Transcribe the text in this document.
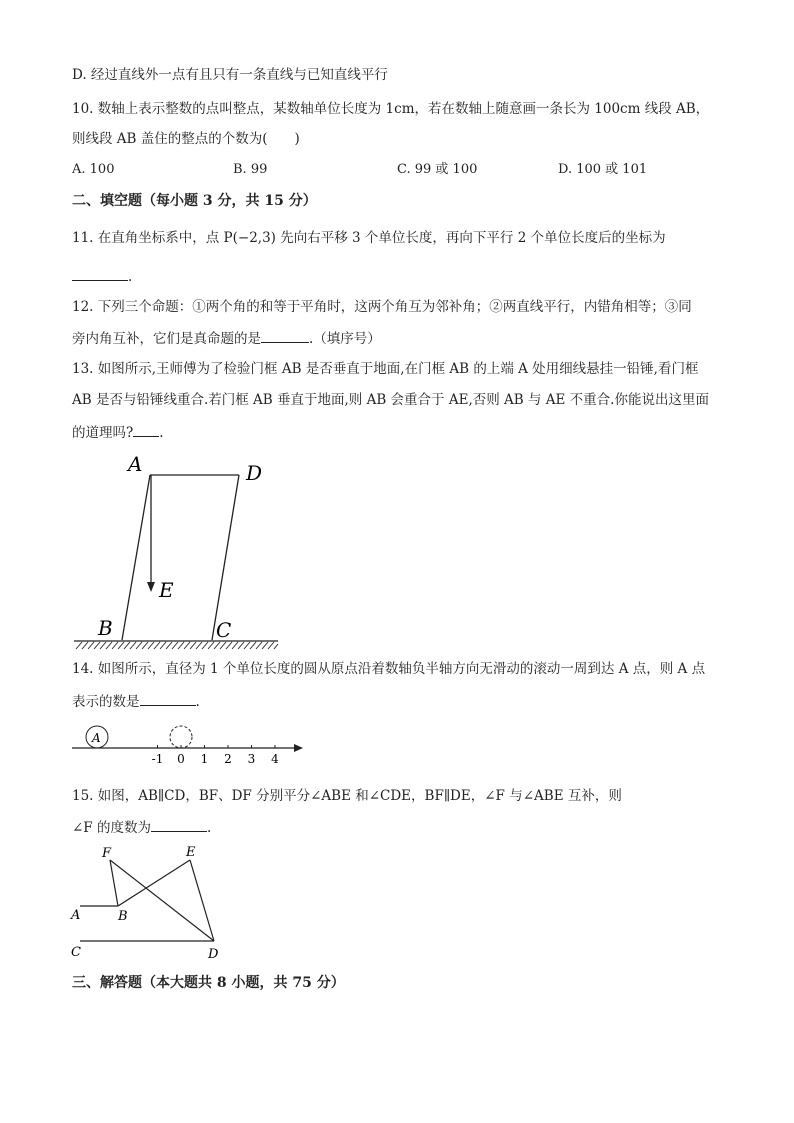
D. 经过直线外一点有且只有一条直线与已知直线平行
10. 数轴上表示整数的点叫整点，某数轴单位长度为 1cm，若在数轴上随意画一条长为 100cm 线段 AB，
则线段 AB 盖住的整点的个数为(　　)
A. 100	B. 99	C. 99 或 100	D. 100 或 101
二、填空题（每小题 3 分，共 15 分）
11. 在直角坐标系中，点 P(−2,3) 先向右平移 3 个单位长度，再向下平行 2 个单位长度后的坐标为
.
12. 下列三个命题：①两个角的和等于平角时，这两个角互为邻补角；②两直线平行，内错角相等；③同
旁内角互补，它们是真命题的是	.（填序号）
13. 如图所示,王师傅为了检验门框 AB 是否垂直于地面,在门框 AB 的上端 A 处用细线悬挂一铅锤,看门框
AB 是否与铅锤线重合.若门框 AB 垂直于地面,则 AB 会重合于 AE,否则 AB 与 AE 不重合.你能说出这里面
的道理吗? .
A	D
E
B	C
14. 如图所示，直径为 1 个单位长度的圆从原点沿着数轴负半轴方向无滑动的滚动一周到达 A 点，则 A 点
表示的数是	.
A
-1 0 1 2 3 4
15. 如图，AB∥CD，BF、DF 分别平分∠ABE 和∠CDE，BF∥DE，∠F 与∠ABE 互补，则
∠F 的度数为	.
F	E
A	B
C	D
三、解答题（本大题共 8 小题，共 75 分）
